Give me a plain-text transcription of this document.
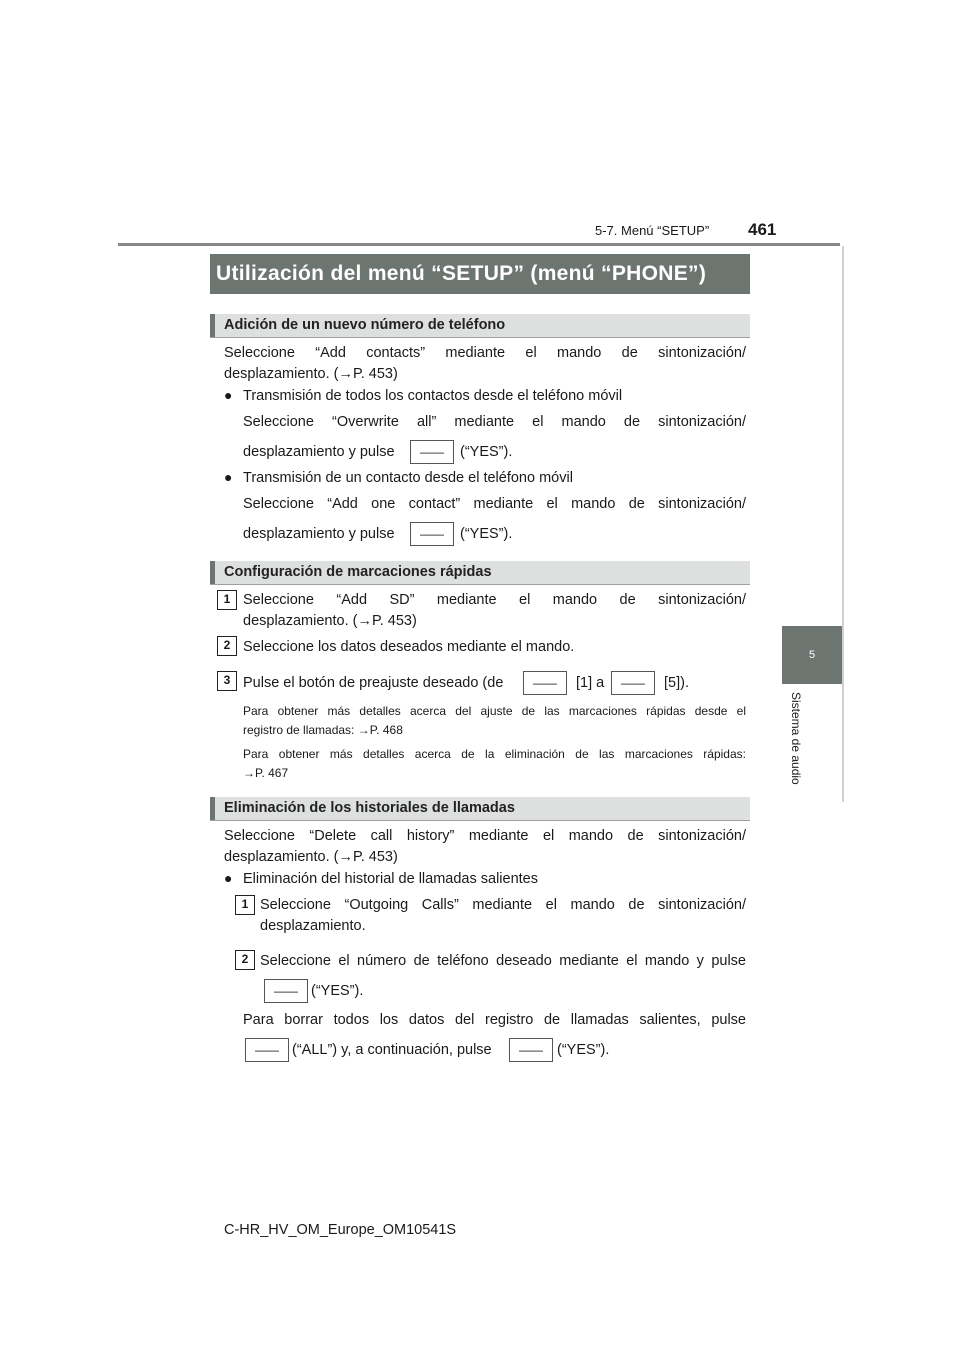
5-7. Menú “SETUP” 461
5
Sistema de audio
Utilización del menú “SETUP” (menú “PHONE”)
Adición de un nuevo número de teléfono
Seleccione “Add contacts” mediante el mando de sintonización/
desplazamiento. (→P. 453)
● Transmisión de todos los contactos desde el teléfono móvil
Seleccione “Overwrite all” mediante el mando de sintonización/
desplazamiento y pulse —— (“YES”).
● Transmisión de un contacto desde el teléfono móvil
Seleccione “Add one contact” mediante el mando de sintonización/
desplazamiento y pulse —— (“YES”).
Configuración de marcaciones rápidas
1 Seleccione “Add SD” mediante el mando de sintonización/
desplazamiento. (→P. 453)
2 Seleccione los datos deseados mediante el mando.
3 Pulse el botón de preajuste deseado (de —— [1] a —— [5]).
Para obtener más detalles acerca del ajuste de las marcaciones rápidas desde el
registro de llamadas: →P. 468
Para obtener más detalles acerca de la eliminación de las marcaciones rápidas:
→P. 467
Eliminación de los historiales de llamadas
Seleccione “Delete call history” mediante el mando de sintonización/
desplazamiento. (→P. 453)
● Eliminación del historial de llamadas salientes
1 Seleccione “Outgoing Calls” mediante el mando de sintonización/
desplazamiento.
2 Seleccione el número de teléfono deseado mediante el mando y pulse
—— (“YES”).
Para borrar todos los datos del registro de llamadas salientes, pulse
—— (“ALL”) y, a continuación, pulse —— (“YES”).
C-HR_HV_OM_Europe_OM10541S
